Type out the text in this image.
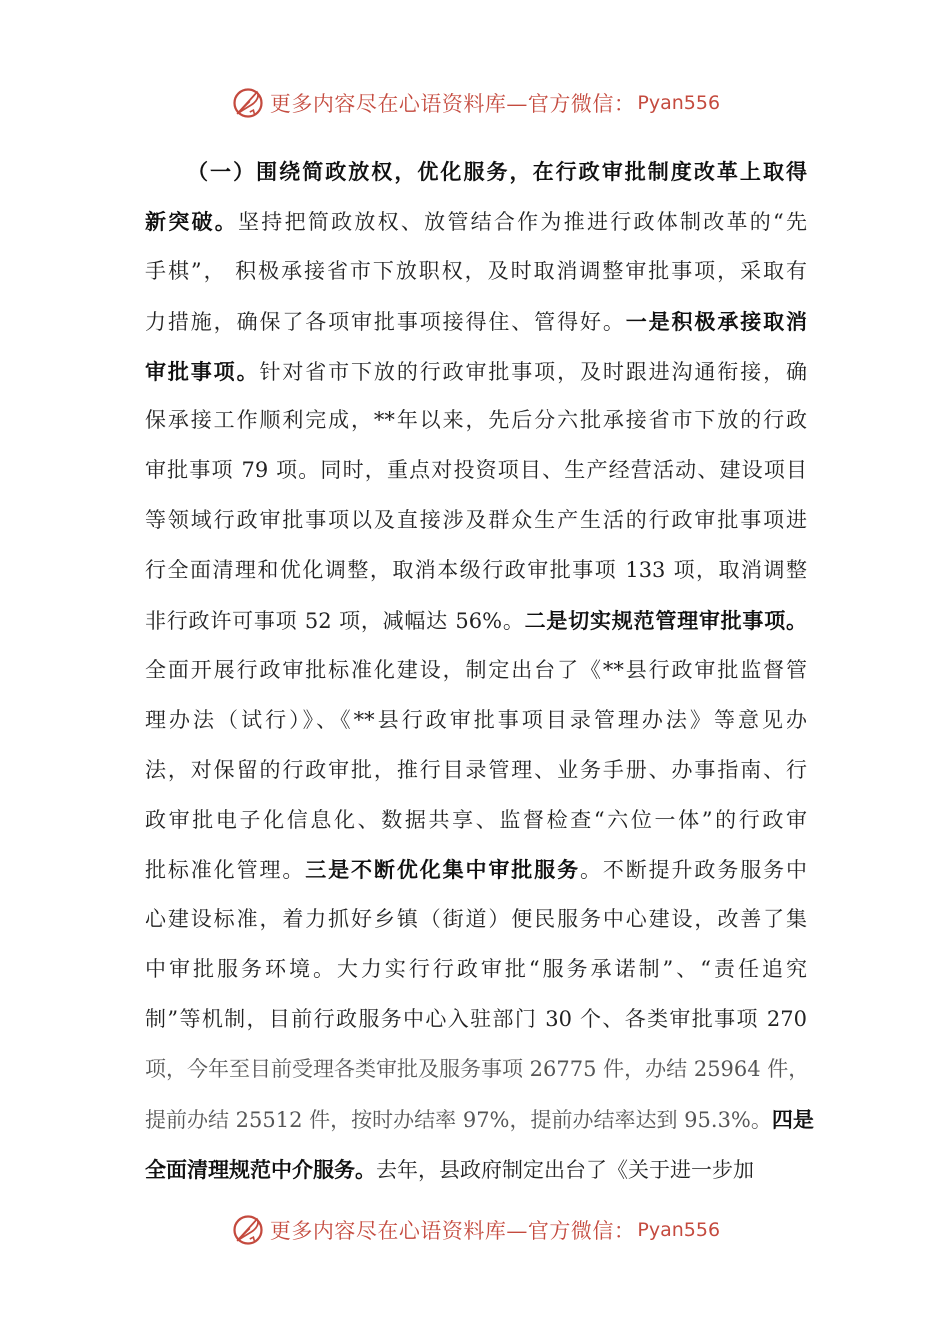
更多内容尽在心语资料库—官方微信： Pyan556
（一）围绕简政放权，优化服务，在行政审批制度改革上取得
新突破。坚持把简政放权、放管结合作为推进行政体制改革的“先
手棋”， 积极承接省市下放职权，及时取消调整审批事项，采取有
力措施，确保了各项审批事项接得住、管得好。一是积极承接取消
审批事项。针对省市下放的行政审批事项，及时跟进沟通衔接，确
保承接工作顺利完成，**年以来，先后分六批承接省市下放的行政
审批事项 79 项。同时，重点对投资项目、生产经营活动、建设项目
等领域行政审批事项以及直接涉及群众生产生活的行政审批事项进
行全面清理和优化调整，取消本级行政审批事项 133 项，取消调整
非行政许可事项 52 项，减幅达 56%。二是切实规范管理审批事项。
全面开展行政审批标准化建设，制定出台了《**县行政审批监督管
理办法（试行）》、《**县行政审批事项目录管理办法》等意见办
法，对保留的行政审批，推行目录管理、业务手册、办事指南、行
政审批电子化信息化、数据共享、监督检查“六位一体”的行政审
批标准化管理。三是不断优化集中审批服务。不断提升政务服务中
心建设标准，着力抓好乡镇（街道）便民服务中心建设，改善了集
中审批服务环境。大力实行行政审批“服务承诺制”、“责任追究
制”等机制，目前行政服务中心入驻部门 30 个、各类审批事项 270
项，今年至目前受理各类审批及服务事项 26775 件，办结 25964 件，
提前办结 25512 件，按时办结率 97%，提前办结率达到 95.3%。四是
全面清理规范中介服务。去年，县政府制定出台了《关于进一步加
更多内容尽在心语资料库—官方微信： Pyan556
